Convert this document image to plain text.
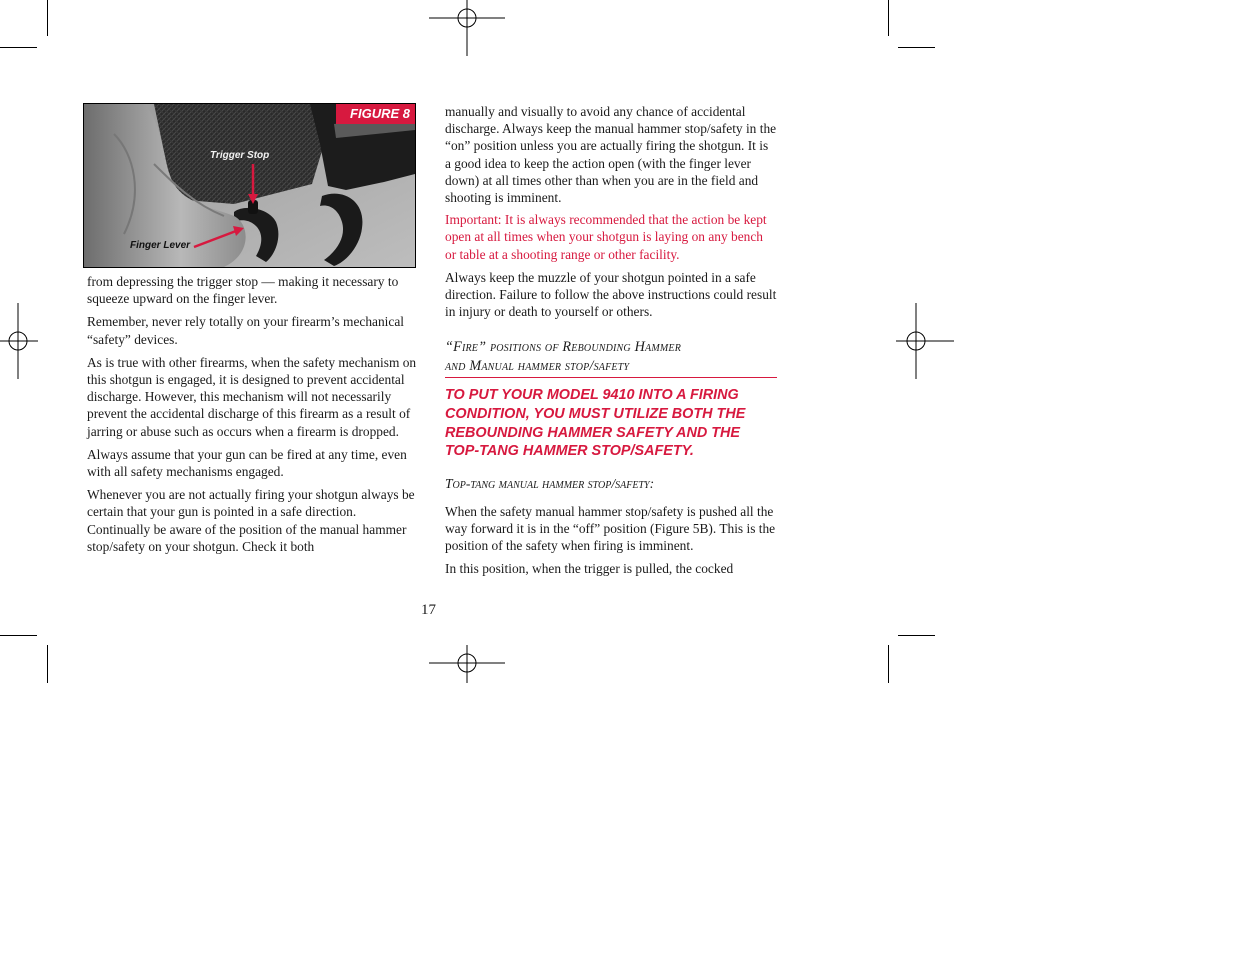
FIGURE 8
Trigger Stop
Finger Lever

from depressing the trigger stop — making it necessary to squeeze upward on the finger lever.

Remember, never rely totally on your firearm’s mechanical “safety” devices.

As is true with other firearms, when the safety mechanism on this shotgun is engaged, it is designed to prevent accidental discharge. However, this mechanism will not necessarily prevent the accidental discharge of this firearm as a result of jarring or abuse such as occurs when a firearm is dropped.

Always assume that your gun can be fired at any time, even with all safety mechanisms engaged.

Whenever you are not actually firing your shotgun always be certain that your gun is pointed in a safe direction. Continually be aware of the position of the manual hammer stop/safety on your shotgun. Check it both

manually and visually to avoid any chance of accidental discharge. Always keep the manual hammer stop/safety in the “on” position unless you are actually firing the shotgun. It is a good idea to keep the action open (with the finger lever down) at all times other than when you are in the field and shooting is imminent.

Important: It is always recommended that the action be kept open at all times when your shotgun is laying on any bench or table at a shooting range or other facility.

Always keep the muzzle of your shotgun pointed in a safe direction. Failure to follow the above instructions could result in injury or death to yourself or others.

“Fire” positions of Rebounding Hammer
and Manual hammer stop/safety

TO PUT YOUR MODEL 9410 INTO A FIRING CONDITION, YOU MUST UTILIZE BOTH THE REBOUNDING HAMMER SAFETY AND THE TOP-TANG HAMMER STOP/SAFETY.

Top-tang manual hammer stop/safety:

When the safety manual hammer stop/safety is pushed all the way forward it is in the “off” position (Figure 5B). This is the position of the safety when firing is imminent.

In this position, when the trigger is pulled, the cocked

17
